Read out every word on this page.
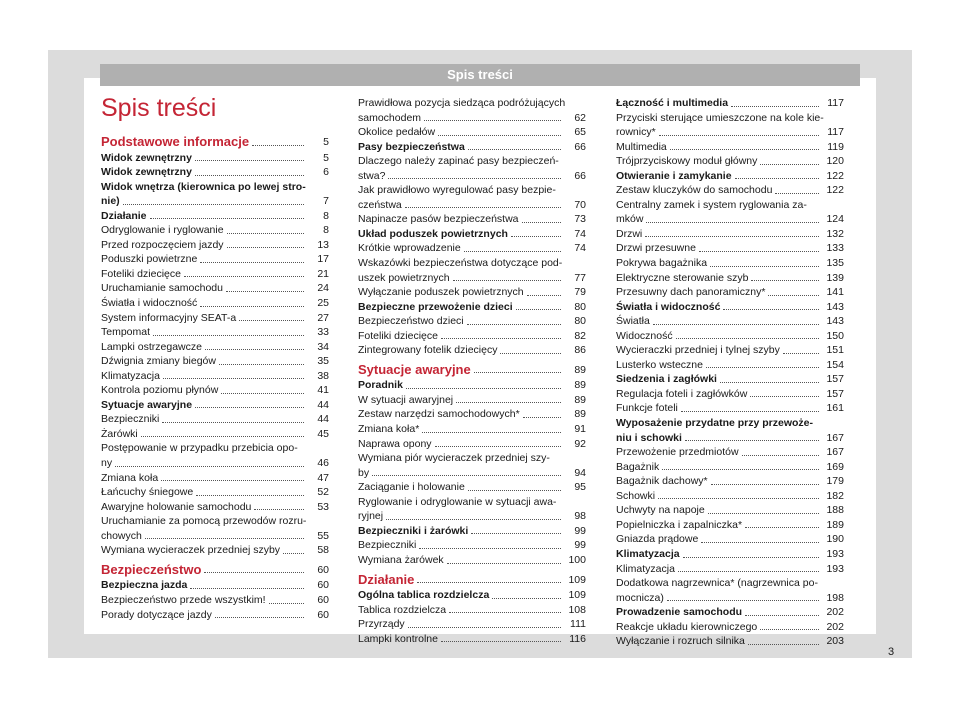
Spis treści
Spis treści
Podstawowe informacje	5
Widok zewnętrzny	5
Widok zewnętrzny	6
Widok wnętrza (kierownica po lewej stro-
nie)	7
Działanie	8
Odryglowanie i ryglowanie	8
Przed rozpoczęciem jazdy	13
Poduszki powietrzne	17
Foteliki dziecięce	21
Uruchamianie samochodu	24
Światła i widoczność	25
System informacyjny SEAT-a	27
Tempomat	33
Lampki ostrzegawcze	34
Dźwignia zmiany biegów	35
Klimatyzacja	38
Kontrola poziomu płynów	41
Sytuacje awaryjne	44
Bezpieczniki	44
Żarówki	45
Postępowanie w przypadku przebicia opo-
ny	46
Zmiana koła	47
Łańcuchy śniegowe	52
Awaryjne holowanie samochodu	53
Uruchamianie za pomocą przewodów rozru-
chowych	55
Wymiana wycieraczek przedniej szyby	58
Bezpieczeństwo	60
Bezpieczna jazda	60
Bezpieczeństwo przede wszystkim!	60
Porady dotyczące jazdy	60
Prawidłowa pozycja siedząca podróżujących
samochodem	62
Okolice pedałów	65
Pasy bezpieczeństwa	66
Dlaczego należy zapinać pasy bezpieczeń-
stwa?	66
Jak prawidłowo wyregulować pasy bezpie-
czeństwa	70
Napinacze pasów bezpieczeństwa	73
Układ poduszek powietrznych	74
Krótkie wprowadzenie	74
Wskazówki bezpieczeństwa dotyczące pod-
uszek powietrznych	77
Wyłączanie poduszek powietrznych	79
Bezpieczne przewożenie dzieci	80
Bezpieczeństwo dzieci	80
Foteliki dziecięce	82
Zintegrowany fotelik dziecięcy	86
Sytuacje awaryjne	89
Poradnik	89
W sytuacji awaryjnej	89
Zestaw narzędzi samochodowych*	89
Zmiana koła*	91
Naprawa opony	92
Wymiana piór wycieraczek przedniej szy-
by	94
Zaciąganie i holowanie	95
Ryglowanie i odryglowanie w sytuacji awa-
ryjnej	98
Bezpieczniki i żarówki	99
Bezpieczniki	99
Wymiana żarówek	100
Działanie	109
Ogólna tablica rozdzielcza	109
Tablica rozdzielcza	108
Przyrządy	111
Lampki kontrolne	116
Łączność i multimedia	117
Przyciski sterujące umieszczone na kole kie-
rownicy*	117
Multimedia	119
Trójprzyciskowy moduł główny	120
Otwieranie i zamykanie	122
Zestaw kluczyków do samochodu	122
Centralny zamek i system ryglowania za-
mków	124
Drzwi	132
Drzwi przesuwne	133
Pokrywa bagażnika	135
Elektryczne sterowanie szyb	139
Przesuwny dach panoramiczny*	141
Światła i widoczność	143
Światła	143
Widoczność	150
Wycieraczki przedniej i tylnej szyby	151
Lusterko wsteczne	154
Siedzenia i zagłówki	157
Regulacja foteli i zagłówków	157
Funkcje foteli	161
Wyposażenie przydatne przy przewoże-
niu i schowki	167
Przewożenie przedmiotów	167
Bagażnik	169
Bagażnik dachowy*	179
Schowki	182
Uchwyty na napoje	188
Popielniczka i zapalniczka*	189
Gniazda prądowe	190
Klimatyzacja	193
Klimatyzacja	193
Dodatkowa nagrzewnica* (nagrzewnica po-
mocnicza)	198
Prowadzenie samochodu	202
Reakcje układu kierowniczego	202
Wyłączanie i rozruch silnika	203
3
